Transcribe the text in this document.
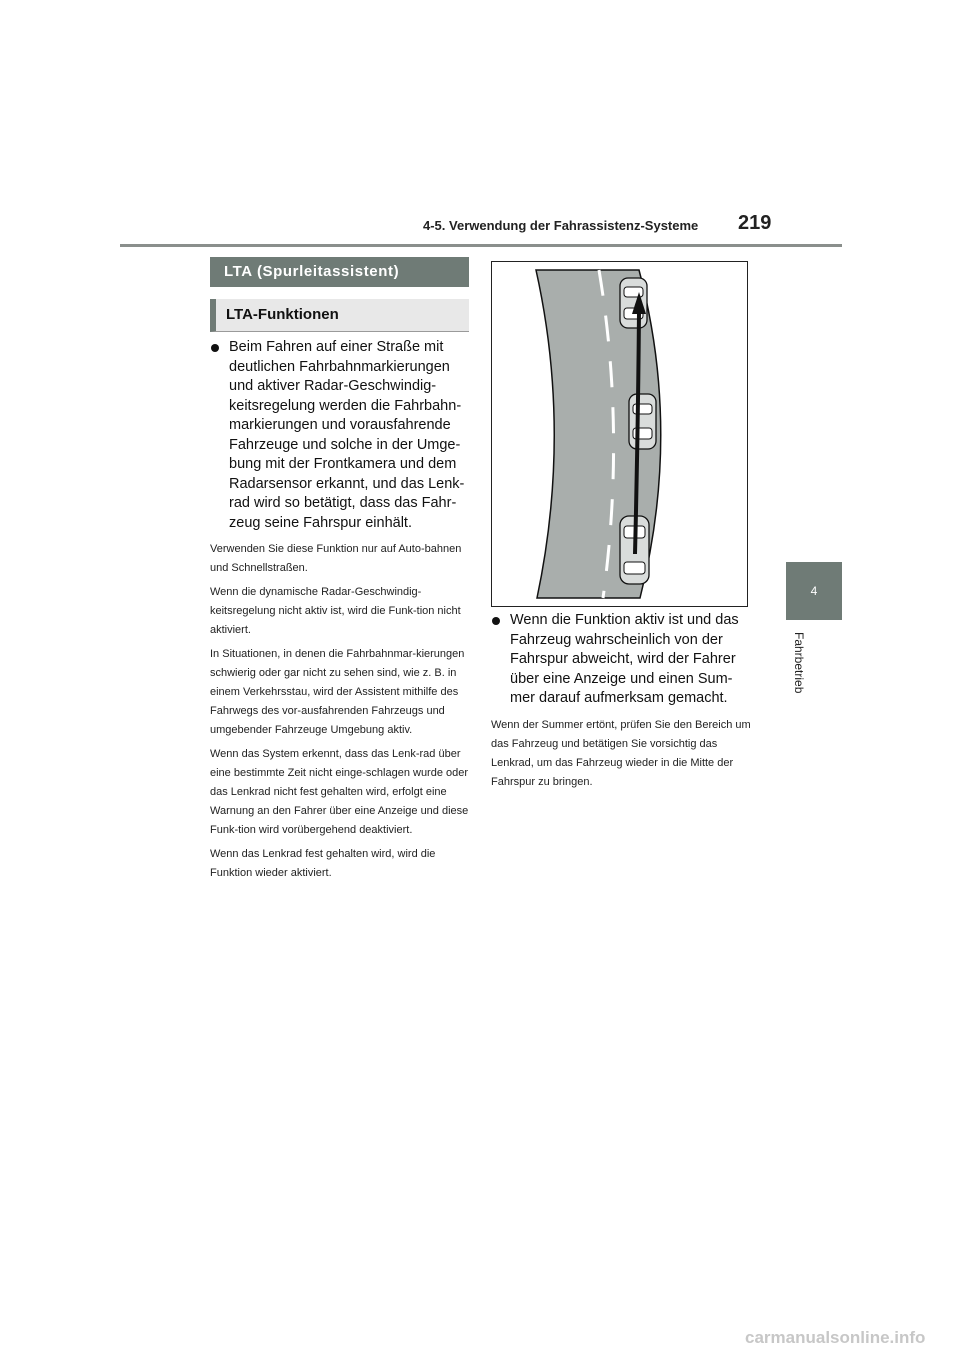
4-5. Verwendung der Fahrassistenz-Systeme 219
4
Fahrbetrieb
LTA (Spurleitassistent)
LTA-Funktionen

Beim Fahren auf einer Straße mit deutlichen Fahrbahnmarkierungen und aktiver Radar-Geschwindig-keitsregelung werden die Fahrbahn-markierungen und vorausfahrende Fahrzeuge und solche in der Umge-bung mit der Frontkamera und dem Radarsensor erkannt, und das Lenk-rad wird so betätigt, dass das Fahr-zeug seine Fahrspur einhält.

Verwenden Sie diese Funktion nur auf Auto-bahnen und Schnellstraßen.

Wenn die dynamische Radar-Geschwindig-keitsregelung nicht aktiv ist, wird die Funk-tion nicht aktiviert.

In Situationen, in denen die Fahrbahnmar-kierungen schwierig oder gar nicht zu sehen sind, wie z. B. in einem Verkehrsstau, wird der Assistent mithilfe des Fahrwegs des vor-ausfahrenden Fahrzeugs und umgebender Fahrzeuge Umgebung aktiv.

Wenn das System erkennt, dass das Lenk-rad über eine bestimmte Zeit nicht einge-schlagen wurde oder das Lenkrad nicht fest gehalten wird, erfolgt eine Warnung an den Fahrer über eine Anzeige und diese Funk-tion wird vorübergehend deaktiviert.

Wenn das Lenkrad fest gehalten wird, wird die Funktion wieder aktiviert.

Wenn die Funktion aktiv ist und das Fahrzeug wahrscheinlich von der Fahrspur abweicht, wird der Fahrer über eine Anzeige und einen Sum-mer darauf aufmerksam gemacht.

Wenn der Summer ertönt, prüfen Sie den Bereich um das Fahrzeug und betätigen Sie vorsichtig das Lenkrad, um das Fahrzeug wieder in die Mitte der Fahrspur zu bringen.

carmanualsonline.info
